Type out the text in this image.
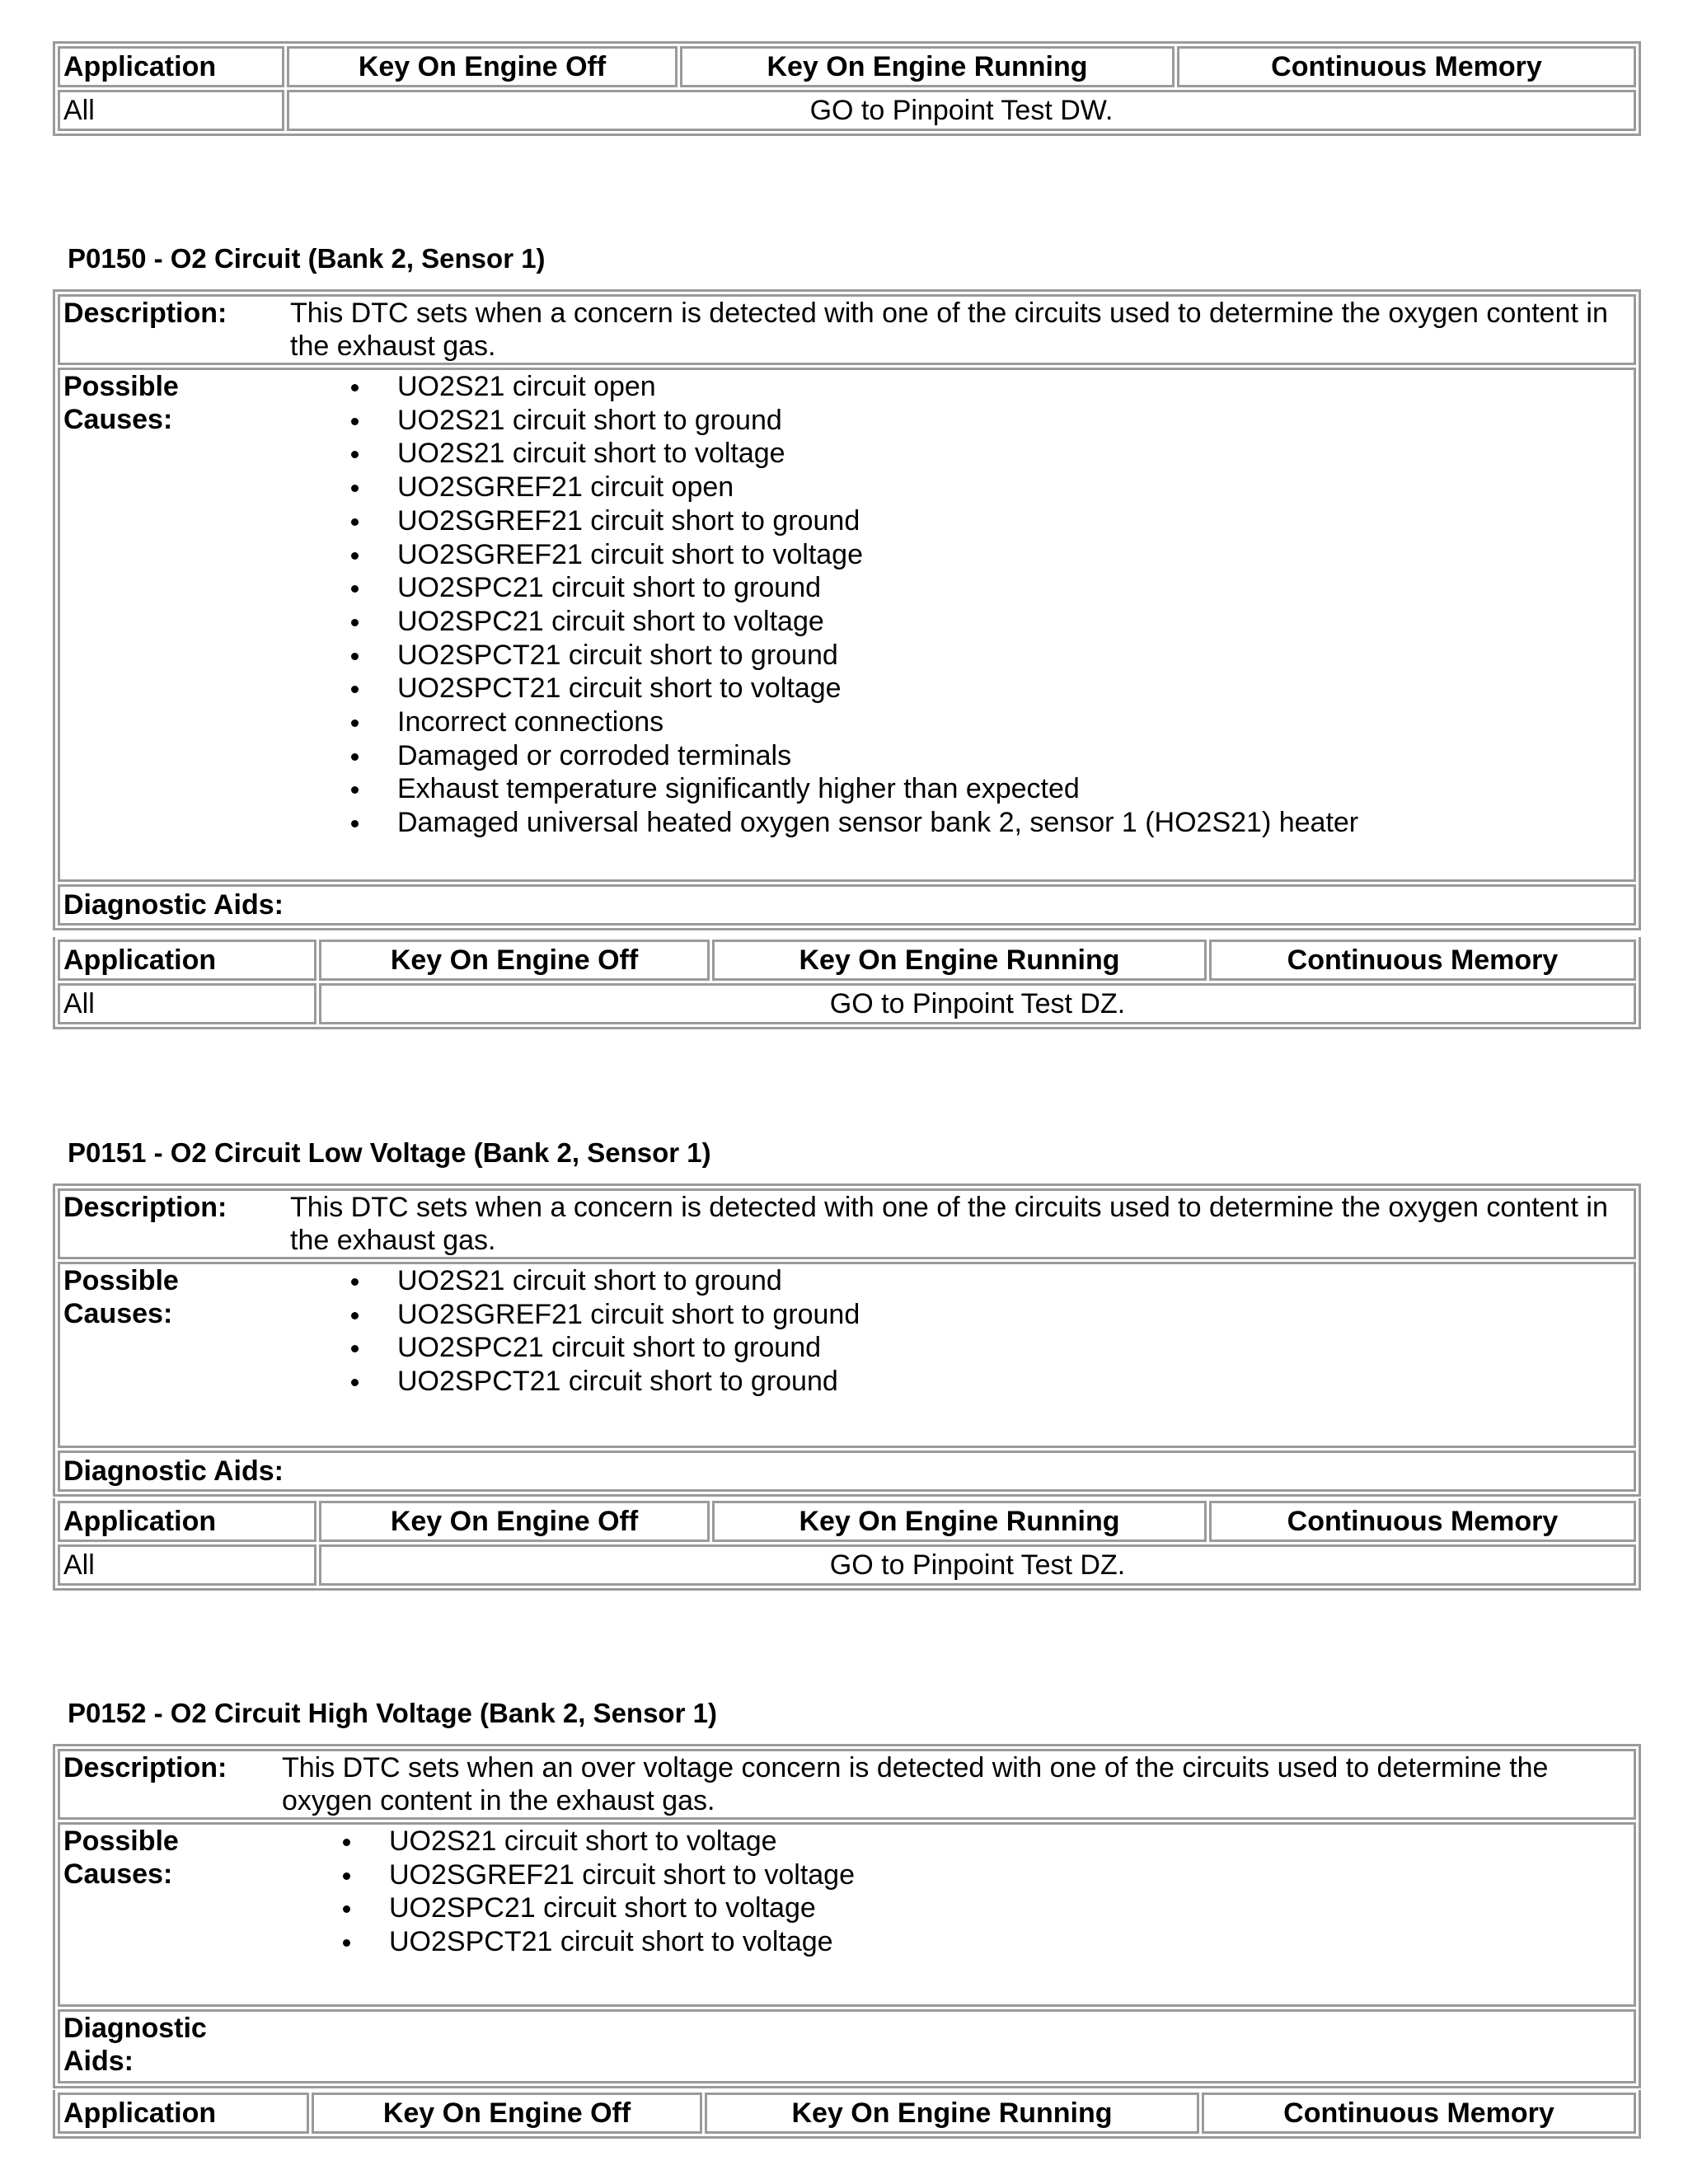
Application	Key On Engine Off	Key On Engine Running	Continuous Memory
All	GO to Pinpoint Test DW.		
P0150 - O2 Circuit (Bank 2, Sensor 1)
Description:	This DTC sets when a concern is detected with one of the circuits used to determine the oxygen content in the exhaust gas.

Possible Causes:	
UO2S21 circuit open
UO2S21 circuit short to ground
UO2S21 circuit short to voltage
UO2SGREF21 circuit open
UO2SGREF21 circuit short to ground
UO2SGREF21 circuit short to voltage
UO2SPC21 circuit short to ground
UO2SPC21 circuit short to voltage
UO2SPCT21 circuit short to ground
UO2SPCT21 circuit short to voltage
Incorrect connections
Damaged or corroded terminals
Exhaust temperature significantly higher than expected
Damaged universal heated oxygen sensor bank 2, sensor 1 (HO2S21) heater

Diagnostic Aids:
Application	Key On Engine Off	Key On Engine Running	Continuous Memory
All	GO to Pinpoint Test DZ.		
P0151 - O2 Circuit Low Voltage (Bank 2, Sensor 1)
Description:	This DTC sets when a concern is detected with one of the circuits used to determine the oxygen content in the exhaust gas.

Possible Causes:	
UO2S21 circuit short to ground
UO2SGREF21 circuit short to ground
UO2SPC21 circuit short to ground
UO2SPCT21 circuit short to ground

Diagnostic Aids:
Application	Key On Engine Off	Key On Engine Running	Continuous Memory
All	GO to Pinpoint Test DZ.		
P0152 - O2 Circuit High Voltage (Bank 2, Sensor 1)
Description:	This DTC sets when an over voltage concern is detected with one of the circuits used to determine the oxygen content in the exhaust gas.

Possible Causes:	
UO2S21 circuit short to voltage
UO2SGREF21 circuit short to voltage
UO2SPC21 circuit short to voltage
UO2SPCT21 circuit short to voltage

Diagnostic Aids:
Application	Key On Engine Off	Key On Engine Running	Continuous Memory
